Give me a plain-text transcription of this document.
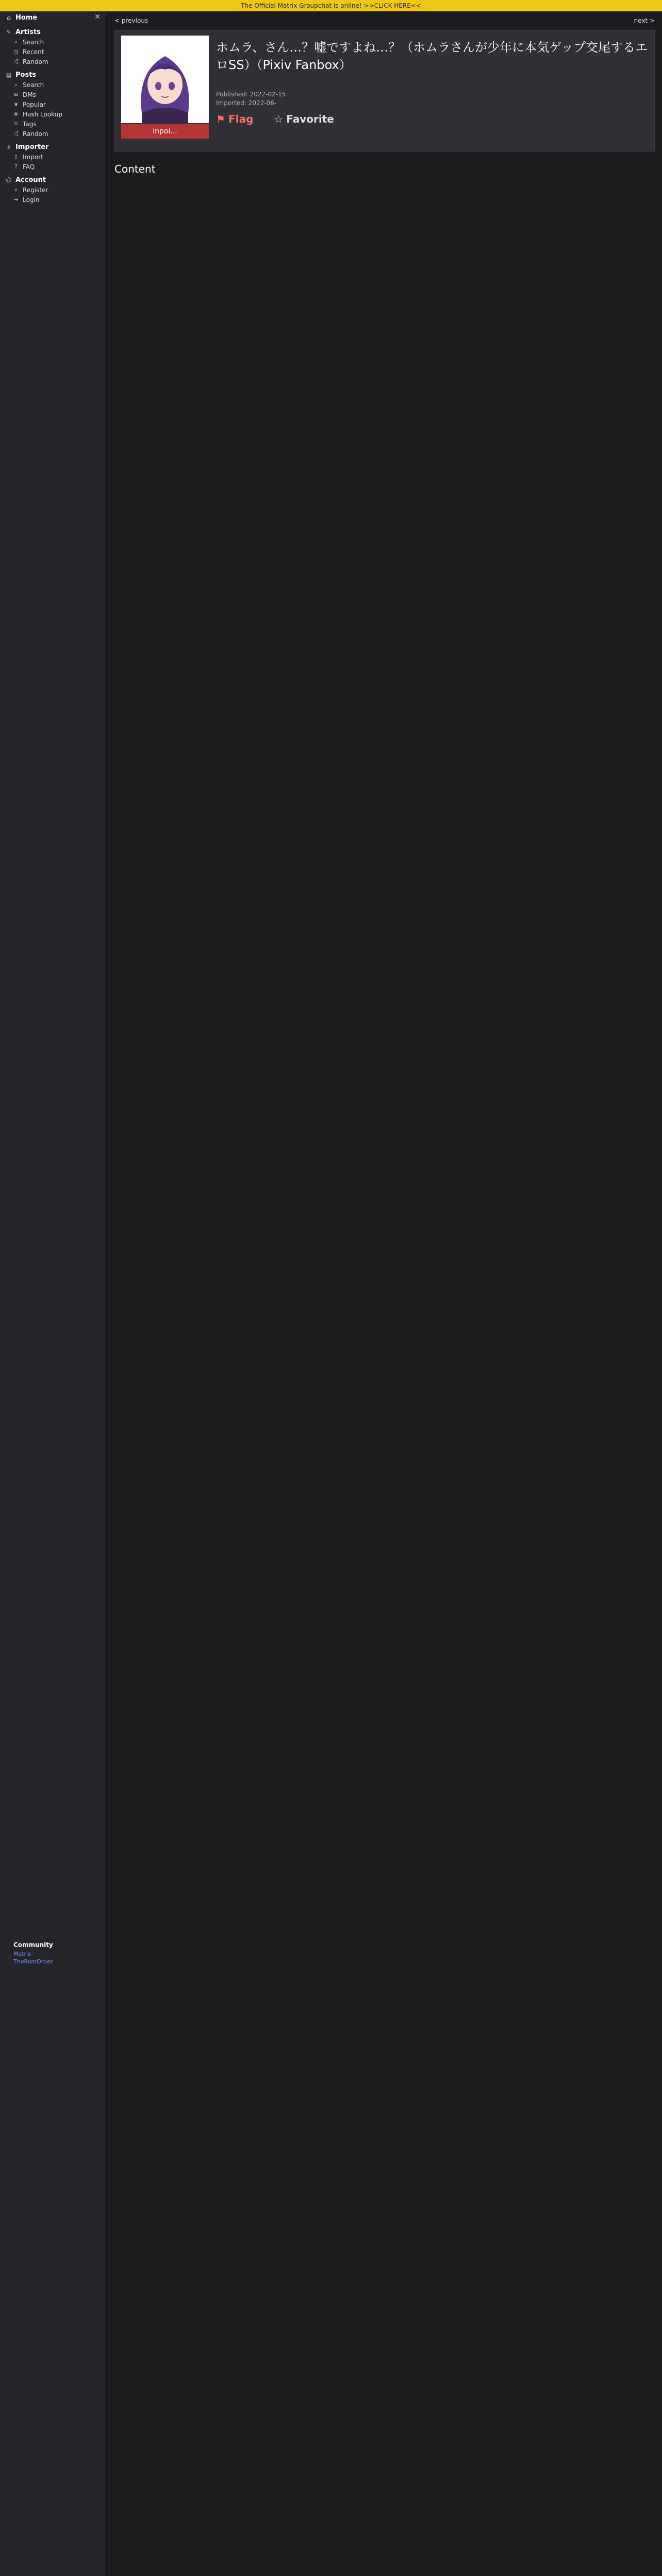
The Official Matrix Groupchat is online! >>CLICK HERE<<
⌂ Home	✕
✎ Artists
⌕ Search
◷ Recent
⤮ Random
▤ Posts
⌕ Search
✉ DMs
★ Popular
# Hash Lookup
⌑ Tags
⤮ Random
⇩ Importer
⇧ Import
? FAQ
☺ Account
+ Register
→ Login
Community
Matrix
TheRomOrder
< previous	next >
inpoi...
ホムラ、さん…？嘘ですよね…？（ホムラさんが少年に本気ゲップ交尾するエロSS）（Pixiv Fanbox）
Published: 2022-02-15
Imported: 2022-06-
⚑ Flag ☆ Favorite
Content
